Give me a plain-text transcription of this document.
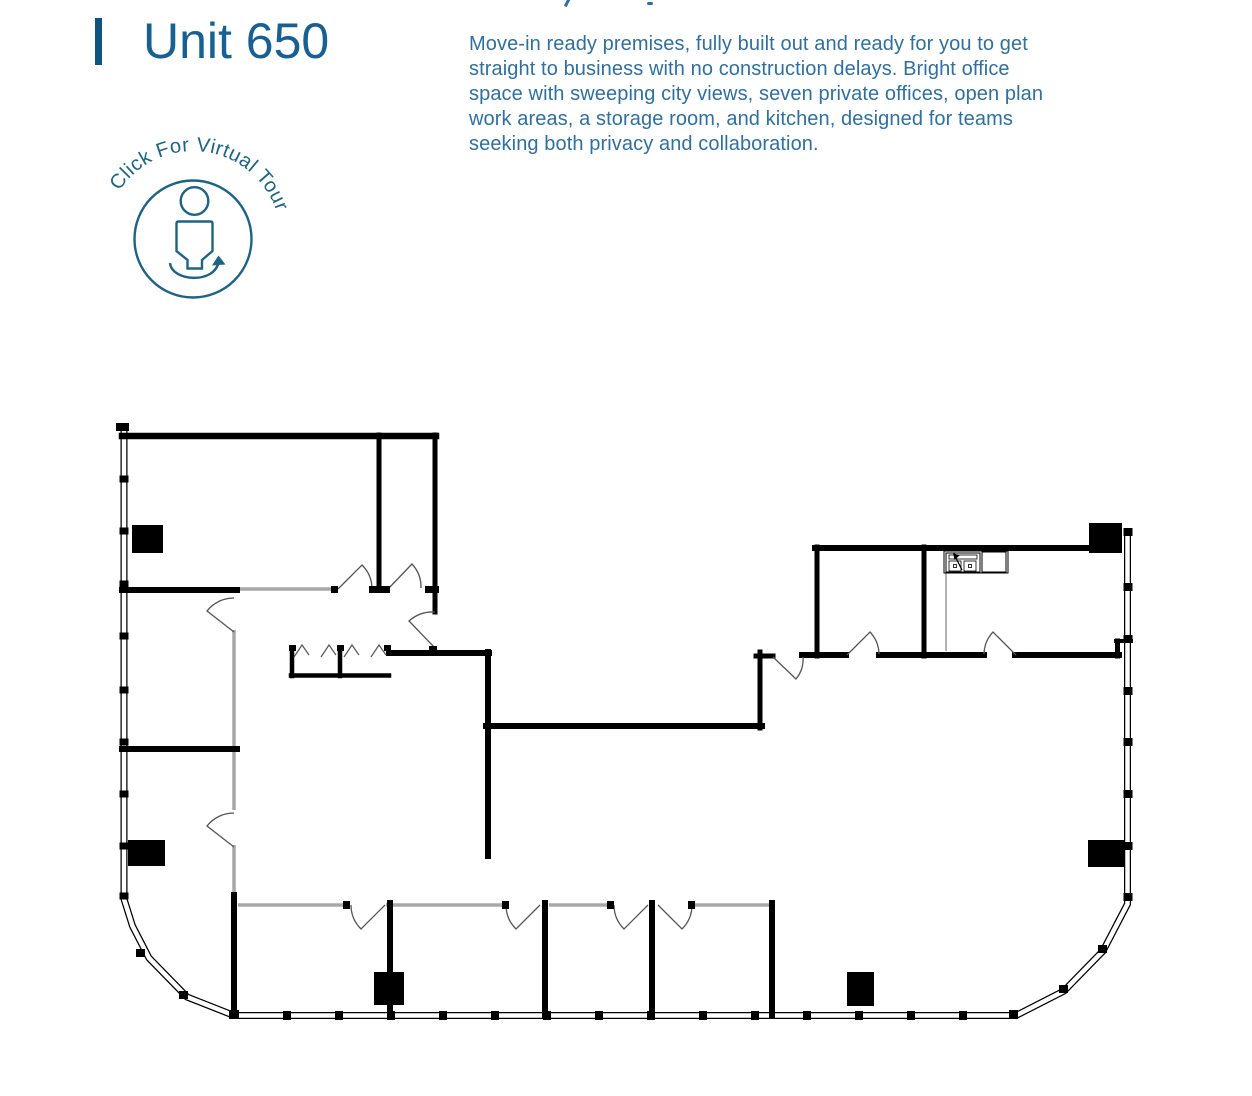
Unit 650	Move-in ready premises, fully built out and ready for you to get
straight to business with no construction delays. Bright office
space with sweeping city views, seven private offices, open plan
work areas, a storage room, and kitchen, designed for teams
seeking both privacy and collaboration.
Click For Virtual Tour
